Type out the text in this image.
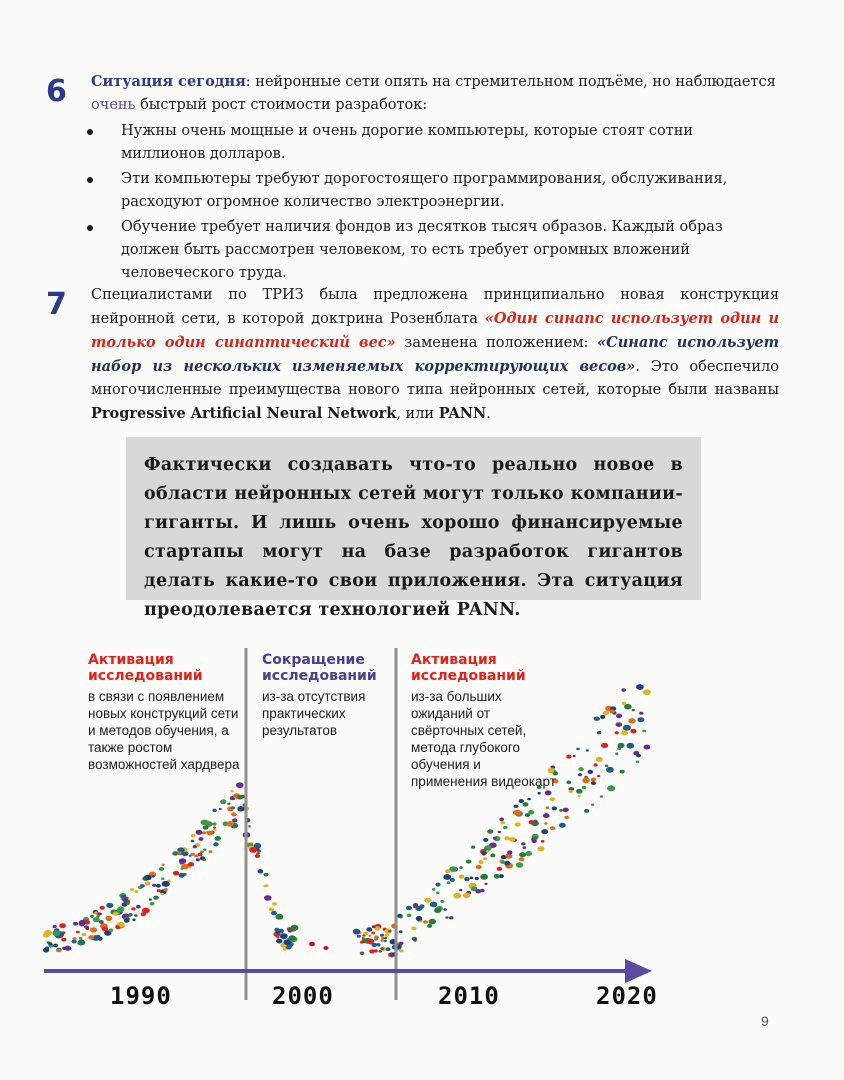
6 Ситуация сегодня: нейронные сети опять на стремительном подъёме, но наблюдается очень быстрый рост стоимости разработок:
Нужны очень мощные и очень дорогие компьютеры, которые стоят сотни миллионов долларов.
Эти компьютеры требуют дорогостоящего программирования, обслуживания, расходуют огромное количество электроэнергии.
Обучение требует наличия фондов из десятков тысяч образов. Каждый образ должен быть рассмотрен человеком, то есть требует огромных вложений человеческого труда.
7 Специалистами по ТРИЗ была предложена принципиально новая конструкция нейронной сети, в которой доктрина Розенблата «Один синапс использует один и только один синаптический вес» заменена положением: «Синапс использует набор из нескольких изменяемых корректирующих весов». Это обеспечило многочисленные преимущества нового типа нейронных сетей, которые были названы Progressive Artificial Neural Network, или PANN.
Фактически создавать что-то реально новое в области нейронных сетей могут только компании-гиганты. И лишь очень хорошо финансируемые стартапы могут на базе разработок гигантов делать какие-то свои приложения. Эта ситуация преодолевается технологией PANN.
Активация исследований
в связи с появлением новых конструкций сети и методов обучения, а также ростом возможностей хардвера
Сокращение исследований
из-за отсутствия практических результатов
Активация исследований
из-за больших ожиданий от свёрточных сетей, метода глубокого обучения и применения видеокарт
1990	2000	2010	2020
9
